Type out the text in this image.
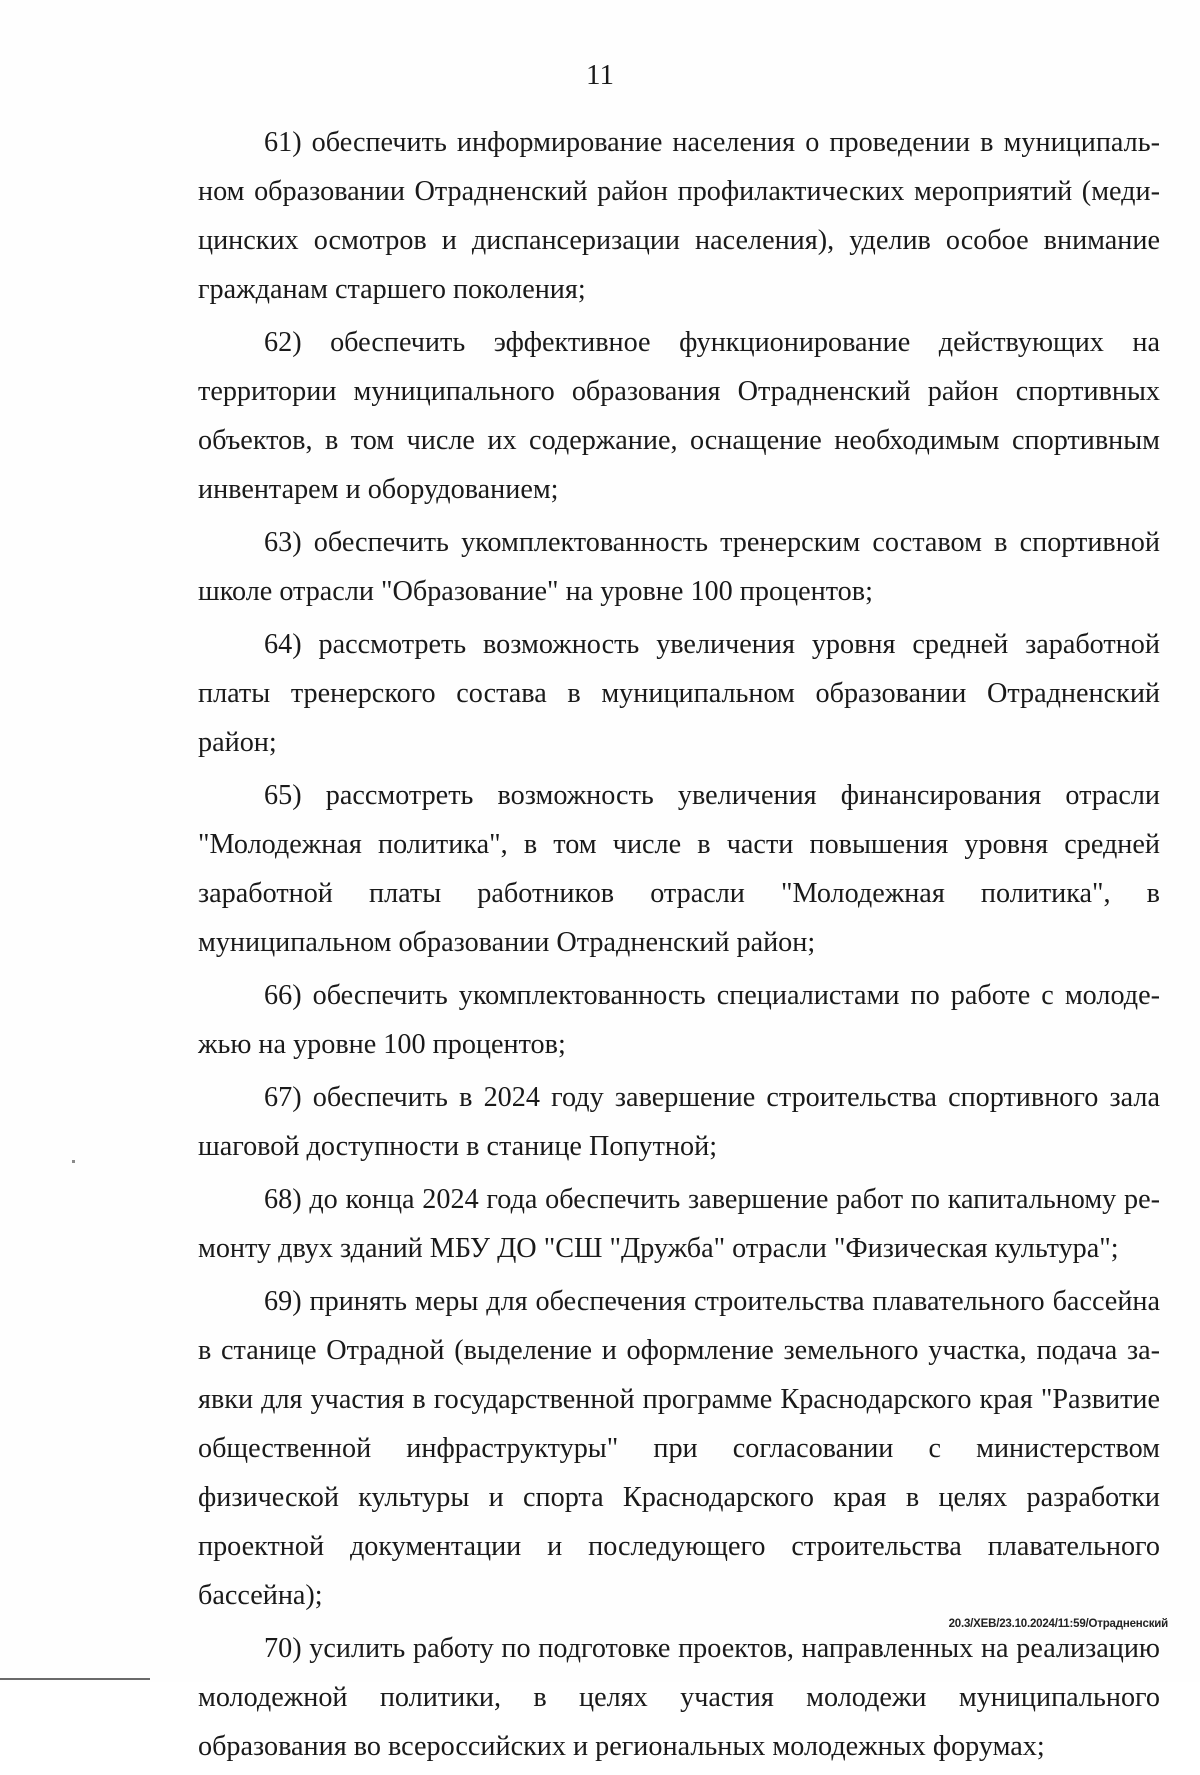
11

61) обеспечить информирование населения о проведении в муниципальном образовании Отрадненский район профилактических мероприятий (медицинских осмотров и диспансеризации населения), уделив особое внимание гражданам старшего поколения;

62) обеспечить эффективное функционирование действующих на территории муниципального образования Отрадненский район спортивных объектов, в том числе их содержание, оснащение необходимым спортивным инвентарем и оборудованием;

63) обеспечить укомплектованность тренерским составом в спортивной школе отрасли "Образование" на уровне 100 процентов;

64) рассмотреть возможность увеличения уровня средней заработной платы тренерского состава в муниципальном образовании Отрадненский район;

65) рассмотреть возможность увеличения финансирования отрасли "Молодежная политика", в том числе в части повышения уровня средней заработной платы работников отрасли "Молодежная политика", в муниципальном образовании Отрадненский район;

66) обеспечить укомплектованность специалистами по работе с молодежью на уровне 100 процентов;

67) обеспечить в 2024 году завершение строительства спортивного зала шаговой доступности в станице Попутной;

68) до конца 2024 года обеспечить завершение работ по капитальному ремонту двух зданий МБУ ДО "СШ "Дружба" отрасли "Физическая культура";

69) принять меры для обеспечения строительства плавательного бассейна в станице Отрадной (выделение и оформление земельного участка, подача заявки для участия в государственной программе Краснодарского края "Развитие общественной инфраструктуры" при согласовании с министерством физической культуры и спорта Краснодарского края в целях разработки проектной документации и последующего строительства плавательного бассейна);

70) усилить работу по подготовке проектов, направленных на реализацию молодежной политики, в целях участия молодежи муниципального образования во всероссийских и региональных молодежных форумах;

20.3/ХЕВ/23.10.2024/11:59/Отрадненский
